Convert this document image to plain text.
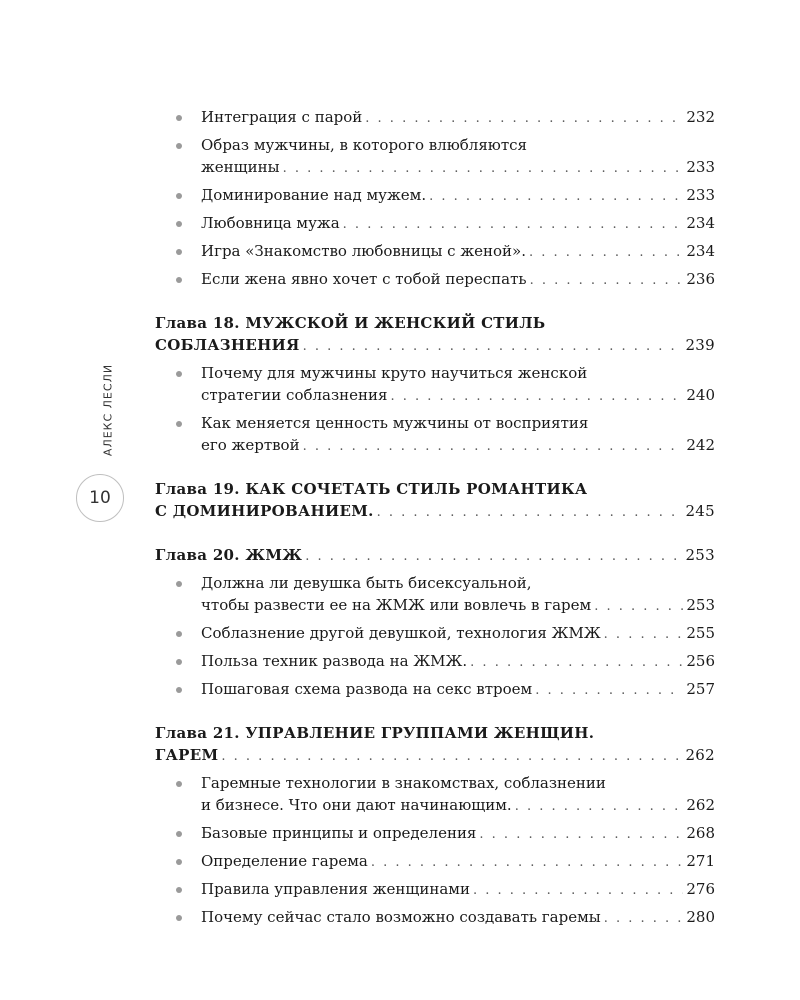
АЛЕКС ЛЕСЛИ
10
Интеграция с парой . . .	232
Образ мужчины, в которого влюбляются
женщины . . .	233
Доминирование над мужем. . . .	233
Любовница мужа . . .	234
Игра «Знакомство любовницы с женой». . . .	234
Если жена явно хочет с тобой переспать . . .	236
Глава 18. МУЖСКОЙ И ЖЕНСКИЙ СТИЛЬ
СОБЛАЗНЕНИЯ . . .	239
Почему для мужчины круто научиться женской
стратегии соблазнения . . .	240
Как меняется ценность мужчины от восприятия
его жертвой . . .	242
Глава 19. КАК СОЧЕТАТЬ СТИЛЬ РОМАНТИКА
С ДОМИНИРОВАНИЕМ. . . .	245
Глава 20. ЖМЖ . . .	253
Должна ли девушка быть бисексуальной,
чтобы развести ее на ЖМЖ или вовлечь в гарем . . .	253
Соблазнение другой девушкой, технология ЖМЖ . . .	255
Польза техник развода на ЖМЖ. . . .	256
Пошаговая схема развода на секс втроем . . .	257
Глава 21. УПРАВЛЕНИЕ ГРУППАМИ ЖЕНЩИН.
ГАРЕМ . . .	262
Гаремные технологии в знакомствах, соблазнении
и бизнесе. Что они дают начинающим. . . .	262
Базовые принципы и определения . . .	268
Определение гарема . . .	271
Правила управления женщинами . . .	276
Почему сейчас стало возможно создавать гаремы . . .	280
